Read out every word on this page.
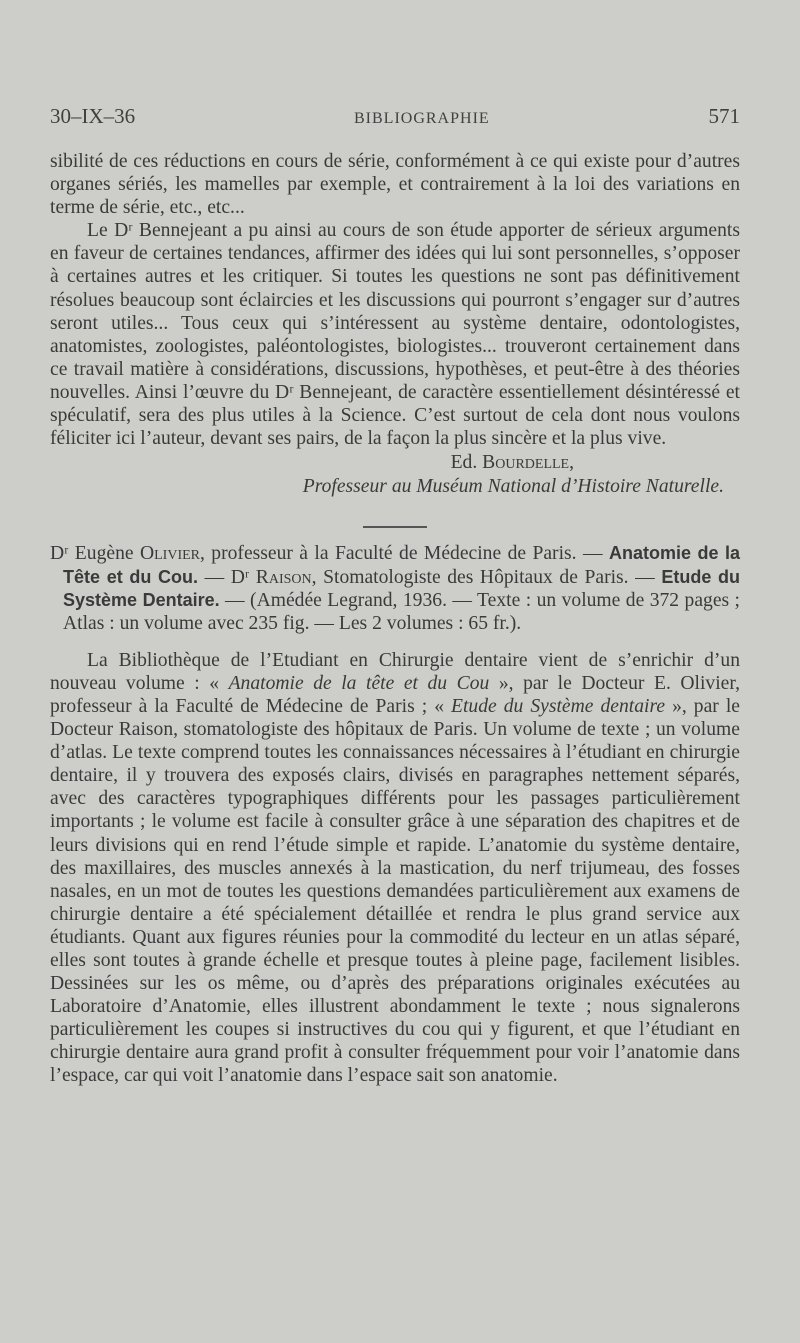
30–IX–36	BIBLIOGRAPHIE	571

sibilité de ces réductions en cours de série, conformément à ce qui existe pour d’autres organes sériés, les mamelles par exemple, et contrairement à la loi des variations en terme de série, etc., etc...

Le Dʳ Bennejeant a pu ainsi au cours de son étude apporter de sérieux arguments en faveur de certaines tendances, affirmer des idées qui lui sont personnelles, s’opposer à certaines autres et les critiquer. Si toutes les questions ne sont pas définitivement résolues beaucoup sont éclaircies et les discussions qui pourront s’engager sur d’autres seront utiles... Tous ceux qui s’intéressent au système dentaire, odontologistes, anatomistes, zoologistes, paléontologistes, biologistes... trouveront certainement dans ce travail matière à considérations, discussions, hypothèses, et peut-être à des théories nouvelles. Ainsi l’œuvre du Dʳ Bennejeant, de caractère essentiellement désintéressé et spéculatif, sera des plus utiles à la Science. C’est surtout de cela dont nous voulons féliciter ici l’auteur, devant ses pairs, de la façon la plus sincère et la plus vive.

Ed. Bourdelle,

Professeur au Muséum National d’Histoire Naturelle.

Dʳ Eugène Olivier, professeur à la Faculté de Médecine de Paris. — Anatomie de la Tête et du Cou. — Dʳ Raison, Stomatologiste des Hôpitaux de Paris. — Etude du Système Dentaire. — (Amédée Legrand, 1936. — Texte : un volume de 372 pages ; Atlas : un volume avec 235 fig. — Les 2 volumes : 65 fr.).

La Bibliothèque de l’Etudiant en Chirurgie dentaire vient de s’enrichir d’un nouveau volume : « Anatomie de la tête et du Cou », par le Docteur E. Olivier, professeur à la Faculté de Médecine de Paris ; « Etude du Système dentaire », par le Docteur Raison, stomatologiste des hôpitaux de Paris. Un volume de texte ; un volume d’atlas. Le texte comprend toutes les connaissances nécessaires à l’étudiant en chirurgie dentaire, il y trouvera des exposés clairs, divisés en paragraphes nettement séparés, avec des caractères typographiques différents pour les passages particulièrement importants ; le volume est facile à consulter grâce à une séparation des chapitres et de leurs divisions qui en rend l’étude simple et rapide. L’anatomie du système dentaire, des maxillaires, des muscles annexés à la mastication, du nerf trijumeau, des fosses nasales, en un mot de toutes les questions demandées particulièrement aux examens de chirurgie dentaire a été spécialement détaillée et rendra le plus grand service aux étudiants. Quant aux figures réunies pour la commodité du lecteur en un atlas séparé, elles sont toutes à grande échelle et presque toutes à pleine page, facilement lisibles. Dessinées sur les os même, ou d’après des préparations originales exécutées au Laboratoire d’Anatomie, elles illustrent abondamment le texte ; nous signalerons particulièrement les coupes si instructives du cou qui y figurent, et que l’étudiant en chirurgie dentaire aura grand profit à consulter fréquemment pour voir l’anatomie dans l’espace, car qui voit l’anatomie dans l’espace sait son anatomie.
